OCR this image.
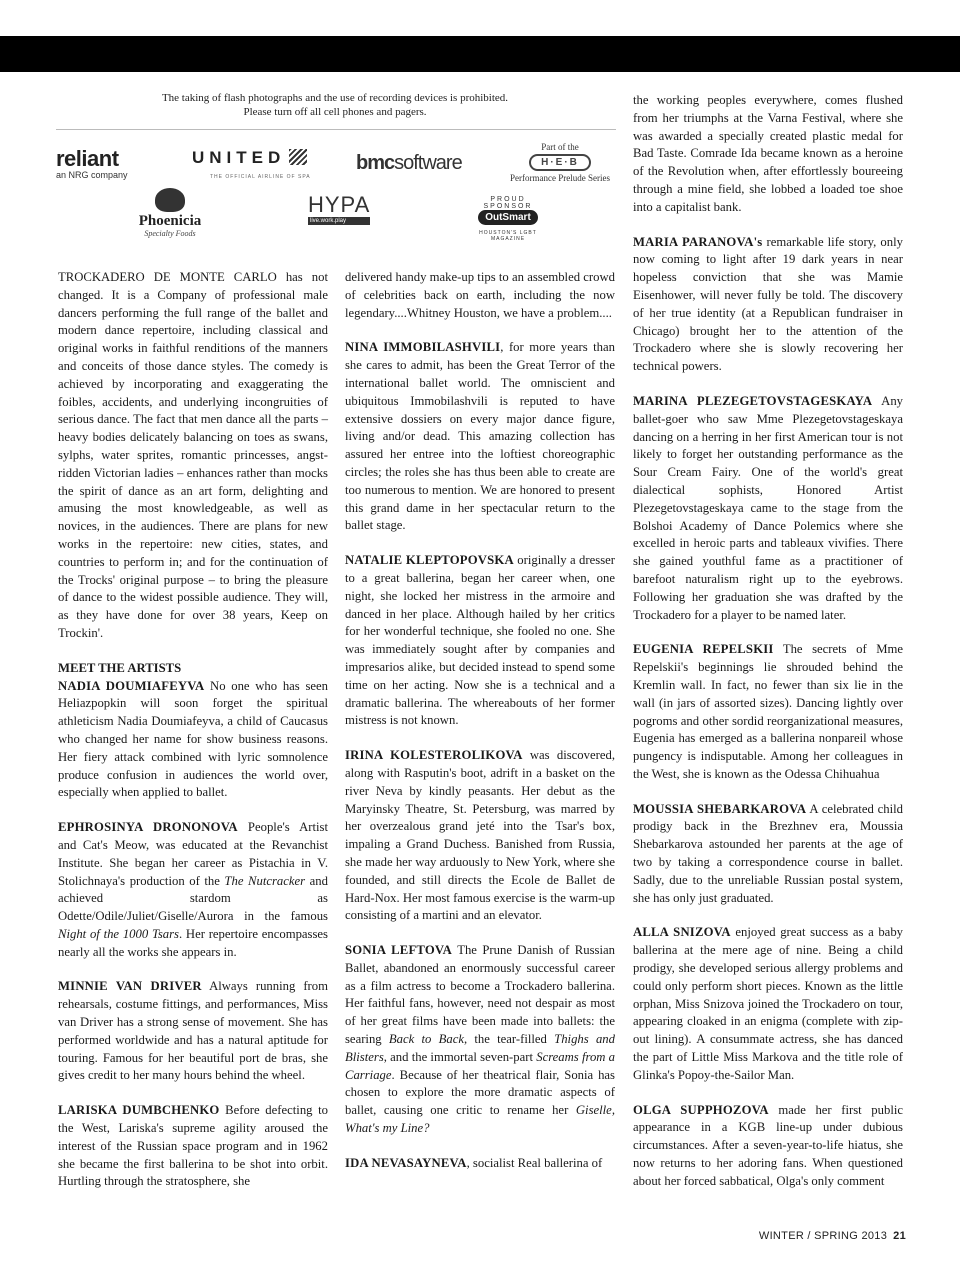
The taking of flash photographs and the use of recording devices is prohibited.
Please turn off all cell phones and pagers.
reliant
an NRG company
UNITED
THE OFFICIAL AIRLINE OF SPA
bmcsoftware
Part of the
H·E·B
Performance Prelude Series
Phoenicia
Specialty Foods
HYPA
live.work.play
PROUD SPONSOR
OutSmart
HOUSTON'S LGBT MAGAZINE

TROCKADERO DE MONTE CARLO has not changed. It is a Company of professional male dancers performing the full range of the ballet and modern dance repertoire, including classical and original works in faithful renditions of the manners and conceits of those dance styles. The comedy is achieved by incorporating and exaggerating the foibles, accidents, and underlying incongruities of serious dance. The fact that men dance all the parts – heavy bodies delicately balancing on toes as swans, sylphs, water sprites, romantic princesses, angst-ridden Victorian ladies – enhances rather than mocks the spirit of dance as an art form, delighting and amusing the most knowledgeable, as well as novices, in the audiences. There are plans for new works in the repertoire: new cities, states, and countries to perform in; and for the continuation of the Trocks' original purpose – to bring the pleasure of dance to the widest possible audience. They will, as they have done for over 38 years, Keep on Trockin'.

MEET THE ARTISTS

NADIA DOUMIAFEYVA No one who has seen Heliazpopkin will soon forget the spiritual athleticism Nadia Doumiafeyva, a child of Caucasus who changed her name for show business reasons. Her fiery attack combined with lyric somnolence produce confusion in audiences the world over, especially when applied to ballet.

EPHROSINYA DRONONOVA People's Artist and Cat's Meow, was educated at the Revanchist Institute. She began her career as Pistachia in V. Stolichnaya's production of the The Nutcracker and achieved stardom as Odette/Odile/Juliet/Giselle/Aurora in the famous Night of the 1000 Tsars. Her repertoire encompasses nearly all the works she appears in.

MINNIE VAN DRIVER Always running from rehearsals, costume fittings, and performances, Miss van Driver has a strong sense of movement. She has performed worldwide and has a natural aptitude for touring. Famous for her beautiful port de bras, she gives credit to her many hours behind the wheel.

LARISKA DUMBCHENKO Before defecting to the West, Lariska's supreme agility aroused the interest of the Russian space program and in 1962 she became the first ballerina to be shot into orbit. Hurtling through the stratosphere, she

delivered handy make-up tips to an assembled crowd of celebrities back on earth, including the now legendary....Whitney Houston, we have a problem....

NINA IMMOBILASHVILI, for more years than she cares to admit, has been the Great Terror of the international ballet world. The omniscient and ubiquitous Immobilashvili is reputed to have extensive dossiers on every major dance figure, living and/or dead. This amazing collection has assured her entree into the loftiest choreographic circles; the roles she has thus been able to create are too numerous to mention. We are honored to present this grand dame in her spectacular return to the ballet stage.

NATALIE KLEPTOPOVSKA originally a dresser to a great ballerina, began her career when, one night, she locked her mistress in the armoire and danced in her place. Although hailed by her critics for her wonderful technique, she fooled no one. She was immediately sought after by companies and impresarios alike, but decided instead to spend some time on her acting. Now she is a technical and a dramatic ballerina. The whereabouts of her former mistress is not known.

IRINA KOLESTEROLIKOVA was discovered, along with Rasputin's boot, adrift in a basket on the river Neva by kindly peasants. Her debut as the Maryinsky Theatre, St. Petersburg, was marred by her overzealous grand jeté into the Tsar's box, impaling a Grand Duchess. Banished from Russia, she made her way arduously to New York, where she founded, and still directs the Ecole de Ballet de Hard-Nox. Her most famous exercise is the warm-up consisting of a martini and an elevator.

SONIA LEFTOVA The Prune Danish of Russian Ballet, abandoned an enormously successful career as a film actress to become a Trockadero ballerina. Her faithful fans, however, need not despair as most of her great films have been made into ballets: the searing Back to Back, the tear-filled Thighs and Blisters, and the immortal seven-part Screams from a Carriage. Because of her theatrical flair, Sonia has chosen to explore the more dramatic aspects of ballet, causing one critic to rename her Giselle, What's my Line?

IDA NEVASAYNEVA, socialist Real ballerina of

the working peoples everywhere, comes flushed from her triumphs at the Varna Festival, where she was awarded a specially created plastic medal for Bad Taste. Comrade Ida became known as a heroine of the Revolution when, after effortlessly boureeing through a mine field, she lobbed a loaded toe shoe into a capitalist bank.

MARIA PARANOVA's remarkable life story, only now coming to light after 19 dark years in near hopeless conviction that she was Mamie Eisenhower, will never fully be told. The discovery of her true identity (at a Republican fundraiser in Chicago) brought her to the attention of the Trockadero where she is slowly recovering her technical powers.

MARINA PLEZEGETOVSTAGESKAYA Any ballet-goer who saw Mme Plezegetovstageskaya dancing on a herring in her first American tour is not likely to forget her outstanding performance as the Sour Cream Fairy. One of the world's great dialectical sophists, Honored Artist Plezegetovstageskaya came to the stage from the Bolshoi Academy of Dance Polemics where she excelled in heroic parts and tableaux vivifies. There she gained youthful fame as a practitioner of barefoot naturalism right up to the eyebrows. Following her graduation she was drafted by the Trockadero for a player to be named later.

EUGENIA REPELSKII The secrets of Mme Repelskii's beginnings lie shrouded behind the Kremlin wall. In fact, no fewer than six lie in the wall (in jars of assorted sizes). Dancing lightly over pogroms and other sordid reorganizational measures, Eugenia has emerged as a ballerina nonpareil whose pungency is indisputable. Among her colleagues in the West, she is known as the Odessa Chihuahua

MOUSSIA SHEBARKAROVA A celebrated child prodigy back in the Brezhnev era, Moussia Shebarkarova astounded her parents at the age of two by taking a correspondence course in ballet. Sadly, due to the unreliable Russian postal system, she has only just graduated.

ALLA SNIZOVA enjoyed great success as a baby ballerina at the mere age of nine. Being a child prodigy, she developed serious allergy problems and could only perform short pieces. Known as the little orphan, Miss Snizova joined the Trockadero on tour, appearing cloaked in an enigma (complete with zip-out lining). A consummate actress, she has danced the part of Little Miss Markova and the title role of Glinka's Popoy-the-Sailor Man.

OLGA SUPPHOZOVA made her first public appearance in a KGB line-up under dubious circumstances. After a seven-year-to-life hiatus, she now returns to her adoring fans. When questioned about her forced sabbatical, Olga's only comment

WINTER / SPRING 2013 21
